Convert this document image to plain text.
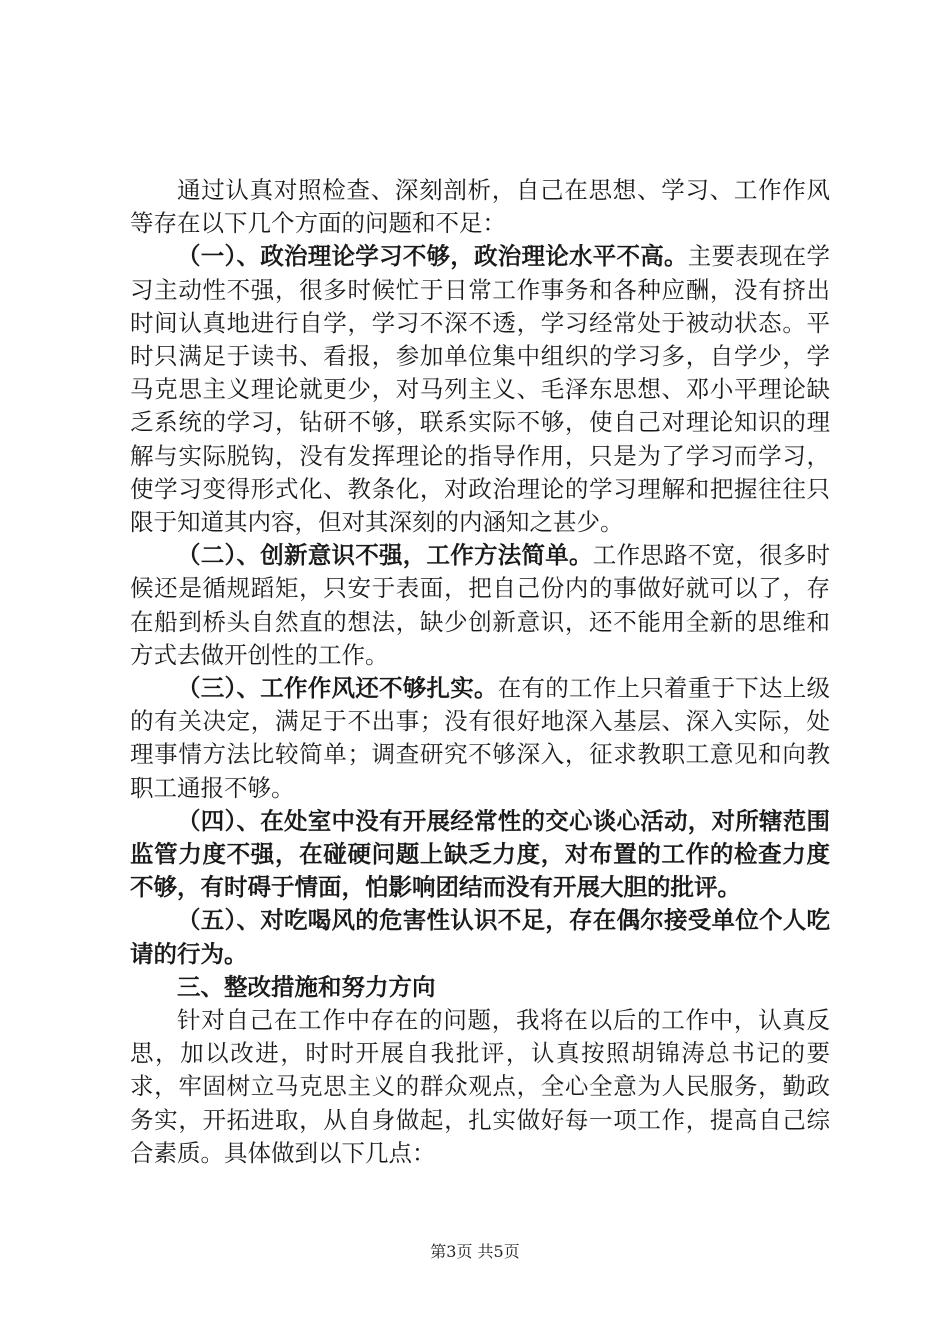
通过认真对照检查、深刻剖析，自己在思想、学习、工作作风等存在以下几个方面的问题和不足：

（一）、政治理论学习不够，政治理论水平不高。主要表现在学习主动性不强，很多时候忙于日常工作事务和各种应酬，没有挤出时间认真地进行自学，学习不深不透，学习经常处于被动状态。平时只满足于读书、看报，参加单位集中组织的学习多，自学少，学马克思主义理论就更少，对马列主义、毛泽东思想、邓小平理论缺乏系统的学习，钻研不够，联系实际不够，使自己对理论知识的理解与实际脱钩，没有发挥理论的指导作用，只是为了学习而学习，使学习变得形式化、教条化，对政治理论的学习理解和把握往往只限于知道其内容，但对其深刻的内涵知之甚少。

（二）、创新意识不强，工作方法简单。工作思路不宽，很多时候还是循规蹈矩，只安于表面，把自己份内的事做好就可以了，存在船到桥头自然直的想法，缺少创新意识，还不能用全新的思维和方式去做开创性的工作。

（三）、工作作风还不够扎实。在有的工作上只着重于下达上级的有关决定，满足于不出事；没有很好地深入基层、深入实际，处理事情方法比较简单；调查研究不够深入，征求教职工意见和向教职工通报不够。

（四）、在处室中没有开展经常性的交心谈心活动，对所辖范围监管力度不强，在碰硬问题上缺乏力度，对布置的工作的检查力度不够，有时碍于情面，怕影响团结而没有开展大胆的批评。

（五）、对吃喝风的危害性认识不足，存在偶尔接受单位个人吃请的行为。

三、整改措施和努力方向

针对自己在工作中存在的问题，我将在以后的工作中，认真反思，加以改进，时时开展自我批评，认真按照胡锦涛总书记的要求，牢固树立马克思主义的群众观点，全心全意为人民服务，勤政务实，开拓进取，从自身做起，扎实做好每一项工作，提高自己综合素质。具体做到以下几点：

第3页 共5页
